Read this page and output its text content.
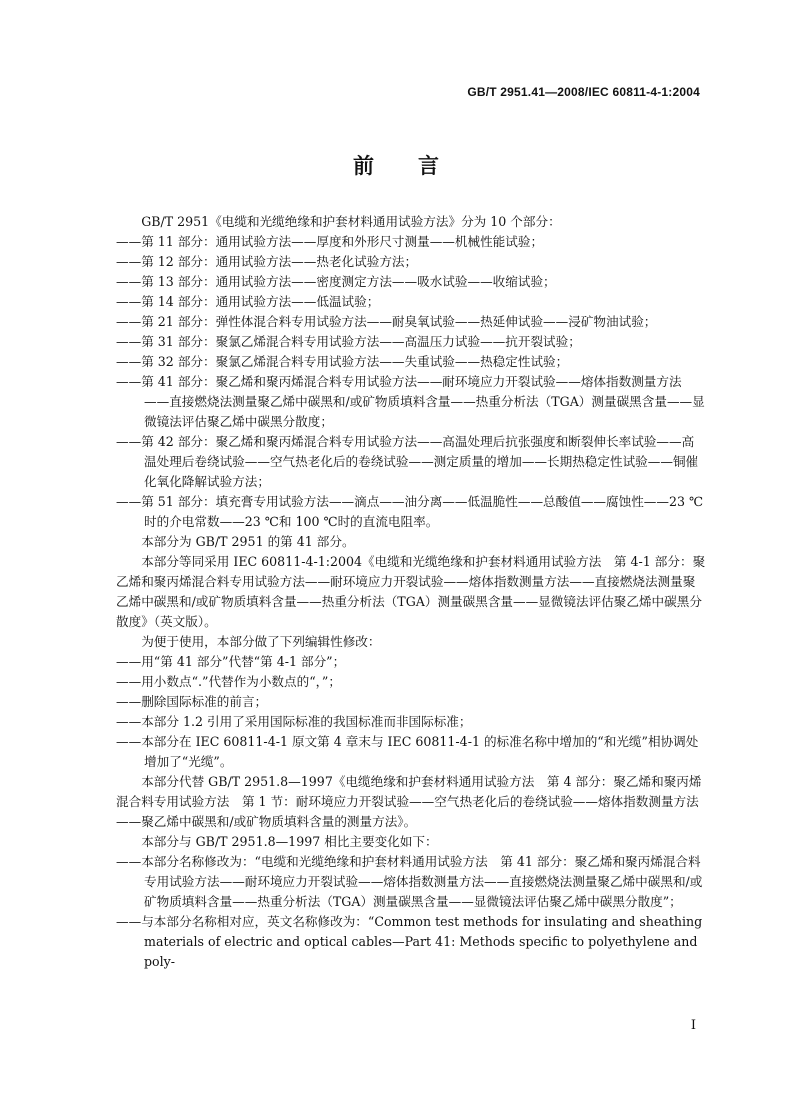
GB/T 2951.41—2008/IEC 60811-4-1:2004
前言

GB/T 2951《电缆和光缆绝缘和护套材料通用试验方法》分为 10 个部分：

——第 11 部分：通用试验方法——厚度和外形尺寸测量——机械性能试验；

——第 12 部分：通用试验方法——热老化试验方法；

——第 13 部分：通用试验方法——密度测定方法——吸水试验——收缩试验；

——第 14 部分：通用试验方法——低温试验；

——第 21 部分：弹性体混合料专用试验方法——耐臭氧试验——热延伸试验——浸矿物油试验；

——第 31 部分：聚氯乙烯混合料专用试验方法——高温压力试验——抗开裂试验；

——第 32 部分：聚氯乙烯混合料专用试验方法——失重试验——热稳定性试验；

——第 41 部分：聚乙烯和聚丙烯混合料专用试验方法——耐环境应力开裂试验——熔体指数测量方法——直接燃烧法测量聚乙烯中碳黑和/或矿物质填料含量——热重分析法（TGA）测量碳黑含量——显微镜法评估聚乙烯中碳黑分散度；

——第 42 部分：聚乙烯和聚丙烯混合料专用试验方法——高温处理后抗张强度和断裂伸长率试验——高温处理后卷绕试验——空气热老化后的卷绕试验——测定质量的增加——长期热稳定性试验——铜催化氧化降解试验方法；

——第 51 部分：填充膏专用试验方法——滴点——油分离——低温脆性——总酸值——腐蚀性——23 ℃时的介电常数——23 ℃和 100 ℃时的直流电阻率。

本部分为 GB/T 2951 的第 41 部分。

本部分等同采用 IEC 60811-4-1:2004《电缆和光缆绝缘和护套材料通用试验方法　第 4-1 部分：聚乙烯和聚丙烯混合料专用试验方法——耐环境应力开裂试验——熔体指数测量方法——直接燃烧法测量聚乙烯中碳黑和/或矿物质填料含量——热重分析法（TGA）测量碳黑含量——显微镜法评估聚乙烯中碳黑分散度》（英文版）。

为便于使用，本部分做了下列编辑性修改：

——用“第 41 部分”代替“第 4-1 部分”；

——用小数点“.”代替作为小数点的“，”；

——删除国际标准的前言；

——本部分 1.2 引用了采用国际标准的我国标准而非国际标准；

——本部分在 IEC 60811-4-1 原文第 4 章末与 IEC 60811-4-1 的标准名称中增加的“和光缆”相协调处增加了“光缆”。

本部分代替 GB/T 2951.8—1997《电缆绝缘和护套材料通用试验方法　第 4 部分：聚乙烯和聚丙烯混合料专用试验方法　第 1 节：耐环境应力开裂试验——空气热老化后的卷绕试验——熔体指数测量方法——聚乙烯中碳黑和/或矿物质填料含量的测量方法》。

本部分与 GB/T 2951.8—1997 相比主要变化如下：

——本部分名称修改为：“电缆和光缆绝缘和护套材料通用试验方法　第 41 部分：聚乙烯和聚丙烯混合料专用试验方法——耐环境应力开裂试验——熔体指数测量方法——直接燃烧法测量聚乙烯中碳黑和/或矿物质填料含量——热重分析法（TGA）测量碳黑含量——显微镜法评估聚乙烯中碳黑分散度”；

——与本部分名称相对应，英文名称修改为：“Common test methods for insulating and sheathing materials of electric and optical cables—Part 41: Methods specific to polyethylene and poly-

I
